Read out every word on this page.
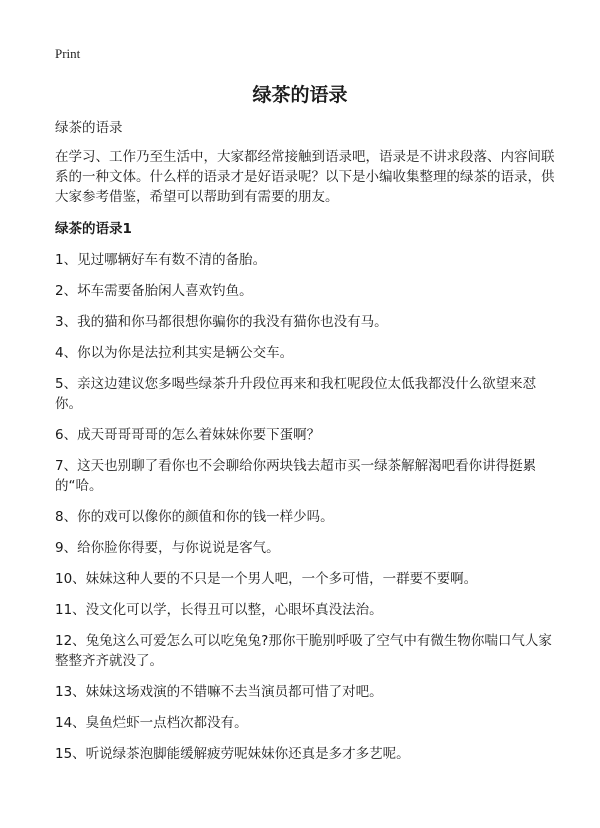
Print
绿茶的语录

绿茶的语录

在学习、工作乃至生活中，大家都经常接触到语录吧，语录是不讲求段落、内容间联系的一种文体。什么样的语录才是好语录呢？以下是小编收集整理的绿茶的语录，供大家参考借鉴，希望可以帮助到有需要的朋友。

绿茶的语录1

1、见过哪辆好车有数不清的备胎。
2、坏车需要备胎闲人喜欢钓鱼。
3、我的猫和你马都很想你骗你的我没有猫你也没有马。
4、你以为你是法拉利其实是辆公交车。
5、亲这边建议您多喝些绿茶升升段位再来和我杠呢段位太低我都没什么欲望来怼你。
6、成天哥哥哥哥的怎么着妹妹你要下蛋啊？
7、这天也别聊了看你也不会聊给你两块钱去超市买一绿茶解解渴吧看你讲得挺累的“哈。
8、你的戏可以像你的颜值和你的钱一样少吗。
9、给你脸你得要，与你说说是客气。
10、妹妹这种人要的不只是一个男人吧，一个多可惜，一群要不要啊。
11、没文化可以学，长得丑可以整，心眼坏真没法治。
12、兔兔这么可爱怎么可以吃兔兔?那你干脆别呼吸了空气中有微生物你喘口气人家整整齐齐就没了。
13、妹妹这场戏演的不错嘛不去当演员都可惜了对吧。
14、臭鱼烂虾一点档次都没有。
15、听说绿茶泡脚能缓解疲劳呢妹妹你还真是多才多艺呢。
